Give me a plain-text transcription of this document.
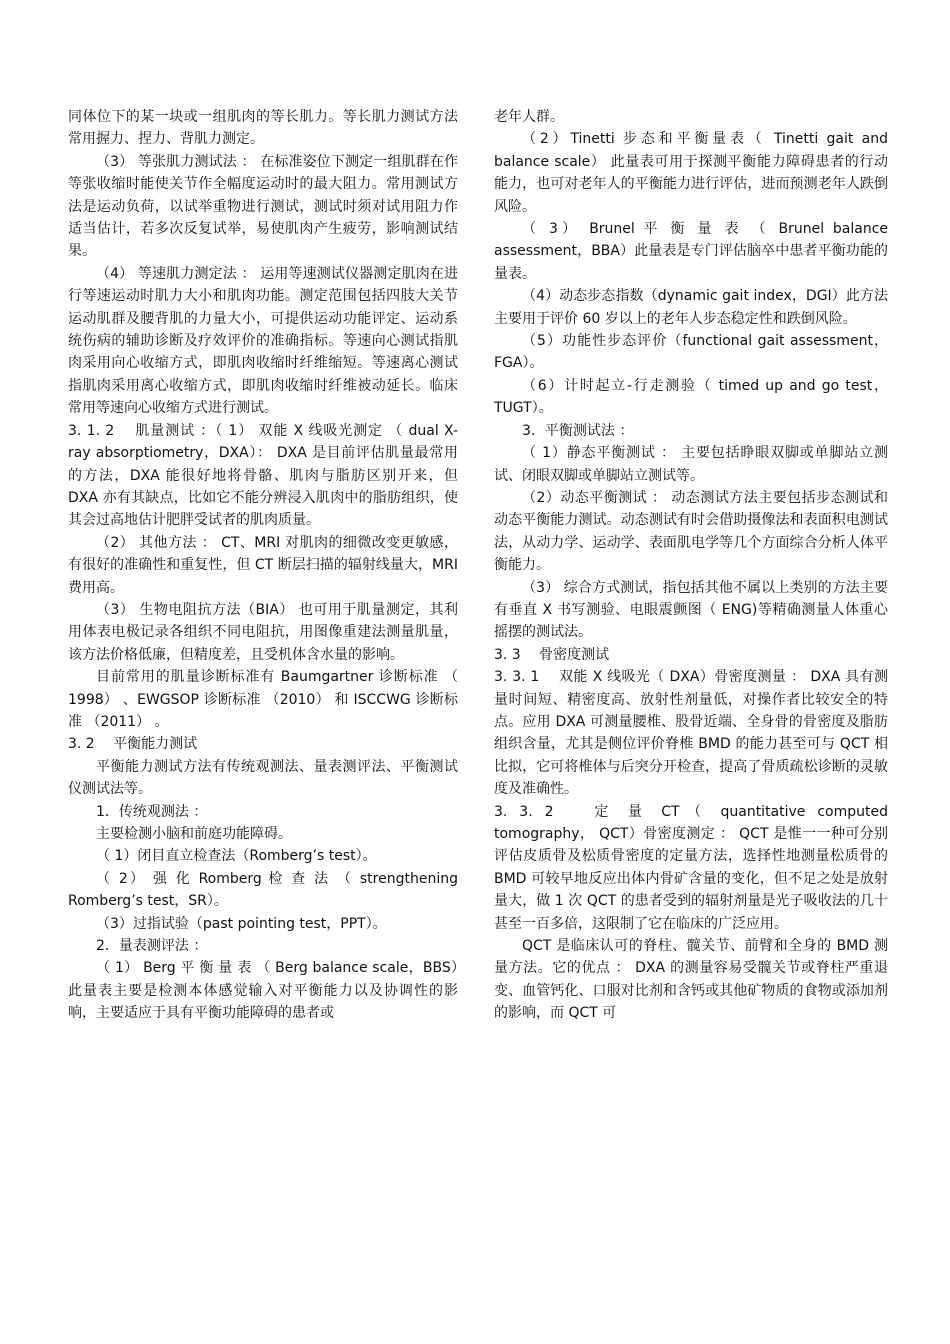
同体位下的某一块或一组肌肉的等长肌力。等长肌力测试方法常用握力、捏力、背肌力测定。

（3） 等张肌力测试法 ： 在标准姿位下测定一组肌群在作等张收缩时能使关节作全幅度运动时的最大阻力。常用测试方法是运动负荷，以试举重物进行测试，测试时须对试用阻力作适当估计，若多次反复试举，易使肌肉产生疲劳，影响测试结果。

（4） 等速肌力测定法 ： 运用等速测试仪器测定肌肉在进行等速运动时肌力大小和肌肉功能。测定范围包括四肢大关节运动肌群及腰背肌的力量大小，可提供运动功能评定、运动系统伤病的辅助诊断及疗效评价的准确指标。等速向心测试指肌肉采用向心收缩方式，即肌肉收缩时纤维缩短。等速离心测试指肌肉采用离心收缩方式，即肌肉收缩时纤维被动延长。临床常用等速向心收缩方式进行测试。

3. 1. 2　 肌量测试 ：（ 1） 双能 X 线吸光测定 （ dual X- ray absorptiometry，DXA）： DXA 是目前评估肌量最常用的方法，DXA 能很好地将骨骼、肌肉与脂肪区别开来，但 DXA 亦有其缺点，比如它不能分辨浸入肌肉中的脂肪组织，使其会过高地估计肥胖受试者的肌肉质量。

（2） 其他方法 ： CT、MRI 对肌肉的细微改变更敏感，有很好的准确性和重复性，但 CT 断层扫描的辐射线量大，MRI 费用高。

（3） 生物电阻抗方法（BIA） 也可用于肌量测定，其利用体表电极记录各组织不同电阻抗，用图像重建法测量肌量，该方法价格低廉，但精度差，且受机体含水量的影响。

目前常用的肌量诊断标准有 Baumgartner 诊断标准 （ 1998） 、EWGSOP 诊断标准 （2010） 和 ISCCWG 诊断标准 （2011） 。

3. 2　 平衡能力测试

平衡能力测试方法有传统观测法、量表测评法、平衡测试仪测试法等。

1．传统观测法 ：

主要检测小脑和前庭功能障碍。

（ 1）闭目直立检查法（Romberg’s test）。

（ 2） 强 化 Romberg 检 查 法 （ strengthening Romberg’s test，SR）。

（3）过指试验（past pointing test，PPT）。

2．量表测评法 ：

（ 1） Berg 平 衡 量 表 （ Berg balance scale，BBS）此量表主要是检测本体感觉输入对平衡能力以及协调性的影响，主要适应于具有平衡功能障碍的患者或

老年人群。

（2）Tinetti 步态和平衡量表（ Tinetti gait and balance scale） 此量表可用于探测平衡能力障碍患者的行动能力，也可对老年人的平衡能力进行评估，进而预测老年人跌倒风险。

（ 3） Brunel 平 衡 量 表 （ Brunel balance assessment，BBA）此量表是专门评估脑卒中患者平衡功能的量表。

（4）动态步态指数（dynamic gait index，DGI）此方法主要用于评价 60 岁以上的老年人步态稳定性和跌倒风险。

（5）功能性步态评价（functional gait assessment， FGA）。

（6）计时起立-行走测验（ timed up and go test， TUGT）。

3．平衡测试法 ：

（ 1）静态平衡测试 ： 主要包括睁眼双脚或单脚站立测试、闭眼双脚或单脚站立测试等。

（2）动态平衡测试 ： 动态测试方法主要包括步态测试和动态平衡能力测试。动态测试有时会借助摄像法和表面积电测试法，从动力学、运动学、表面肌电学等几个方面综合分析人体平衡能力。

（3） 综合方式测试，指包括其他不属以上类别的方法主要有垂直 X 书写测验、电眼震颤图（ ENG)等精确测量人体重心摇摆的测试法。

3. 3　 骨密度测试

3. 3. 1　 双能 X 线吸光（ DXA）骨密度测量 ： DXA 具有测量时间短、精密度高、放射性剂量低，对操作者比较安全的特点。应用 DXA 可测量腰椎、股骨近端、全身骨的骨密度及脂肪组织含量，尤其是侧位评价脊椎 BMD 的能力甚至可与 QCT 相比拟，它可将椎体与后突分开检查，提高了骨质疏松诊断的灵敏度及准确性。

3. 3. 2　 定 量 CT（ quantitative computed tomography， QCT）骨密度测定 ： QCT 是惟一一种可分别评估皮质骨及松质骨密度的定量方法，选择性地测量松质骨的 BMD 可较早地反应出体内骨矿含量的变化，但不足之处是放射量大，做 1 次 QCT 的患者受到的辐射剂量是光子吸收法的几十甚至一百多倍，这限制了它在临床的广泛应用。

QCT 是临床认可的脊柱、髋关节、前臂和全身的 BMD 测量方法。它的优点 ： DXA 的测量容易受髋关节或脊柱严重退变、血管钙化、口服对比剂和含钙或其他矿物质的食物或添加剂的影响，而 QCT 可
